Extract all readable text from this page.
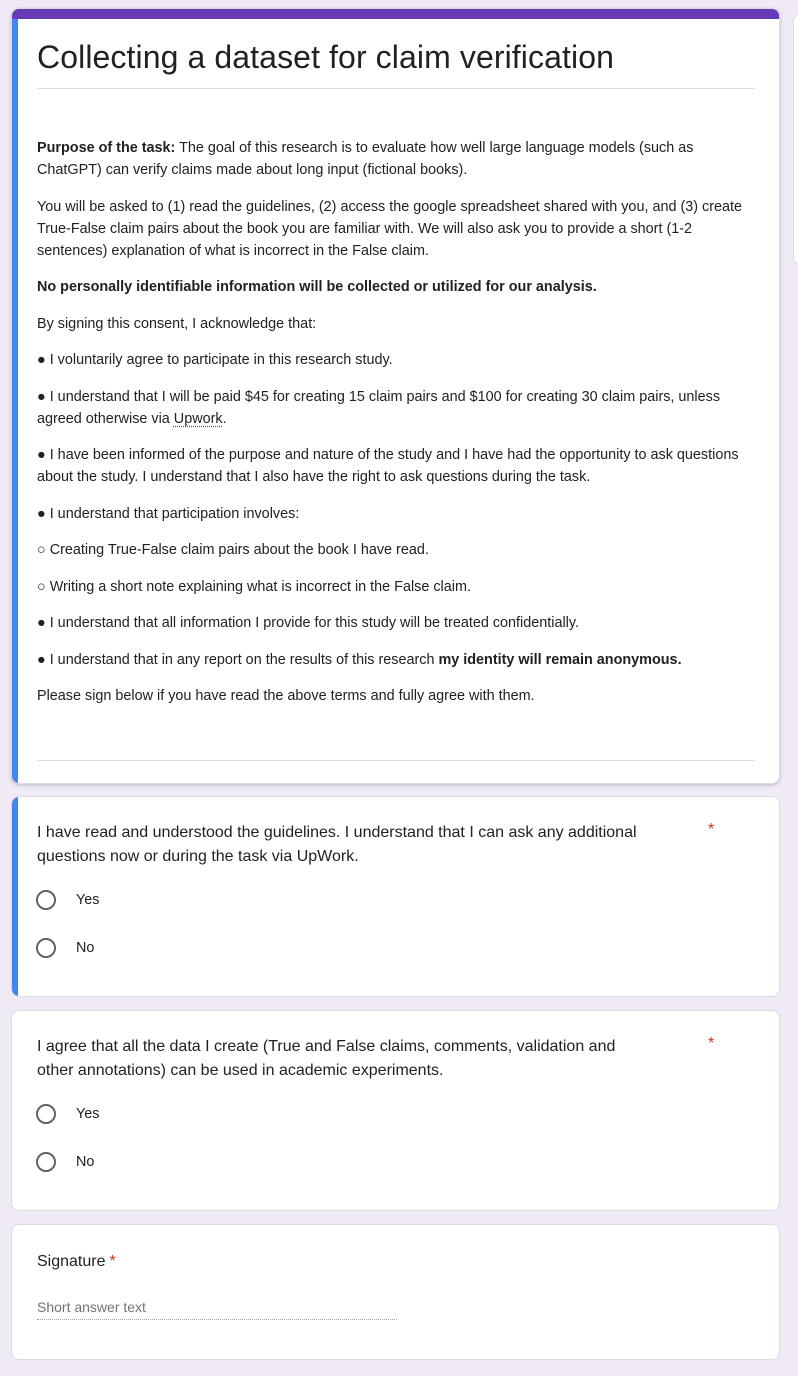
Collecting a dataset for claim verification

Purpose of the task: The goal of this research is to evaluate how well large language models (such as ChatGPT) can verify claims made about long input (fictional books).

You will be asked to (1) read the guidelines, (2) access the google spreadsheet shared with you, and (3) create True-False claim pairs about the book you are familiar with. We will also ask you to provide a short (1-2 sentences) explanation of what is incorrect in the False claim.

No personally identifiable information will be collected or utilized for our analysis.

By signing this consent, I acknowledge that:

● I voluntarily agree to participate in this research study.

● I understand that I will be paid $45 for creating 15 claim pairs and $100 for creating 30 claim pairs, unless agreed otherwise via Upwork.

● I have been informed of the purpose and nature of the study and I have had the opportunity to ask questions about the study. I understand that I also have the right to ask questions during the task.

● I understand that participation involves:

○ Creating True-False claim pairs about the book I have read.

○ Writing a short note explaining what is incorrect in the False claim.

● I understand that all information I provide for this study will be treated confidentially.

● I understand that in any report on the results of this research my identity will remain anonymous.

Please sign below if you have read the above terms and fully agree with them.

I have read and understood the guidelines. I understand that I can ask any additional questions now or during the task via UpWork.
*
Yes
No
I agree that all the data I create (True and False claims, comments, validation and other annotations) can be used in academic experiments.
*
Yes
No
Signature *
Short answer text
